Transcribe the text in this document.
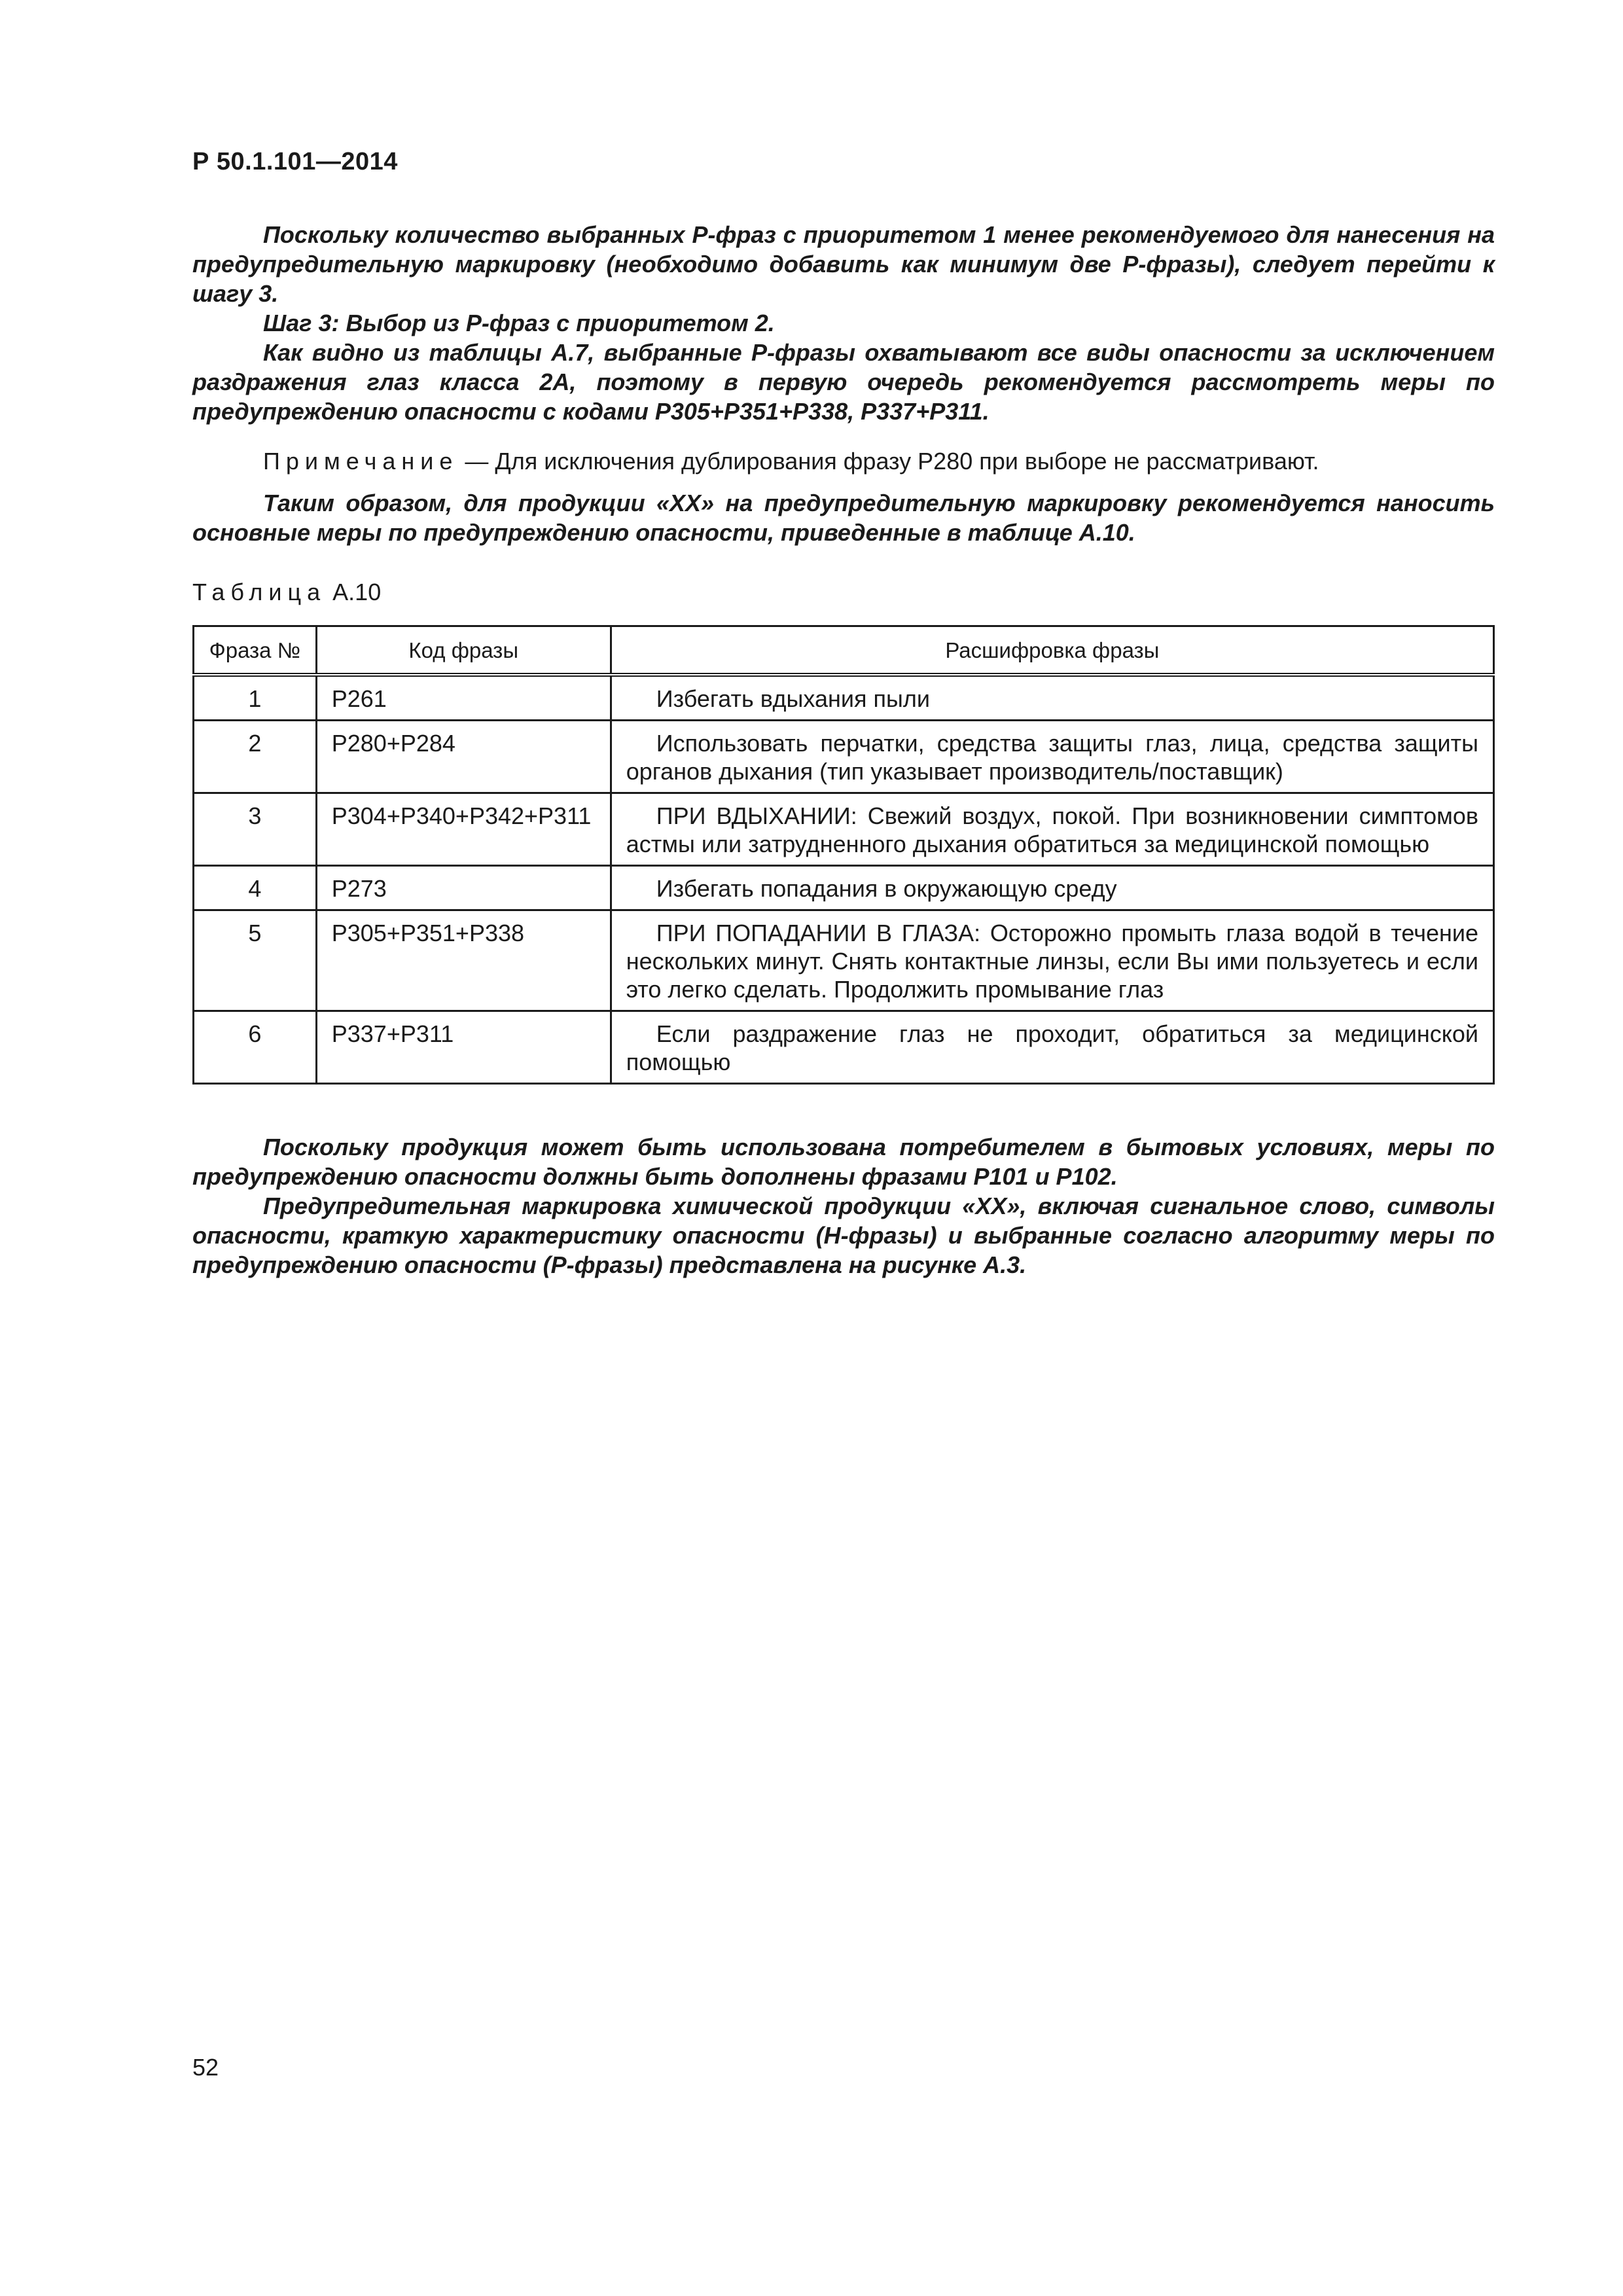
Р 50.1.101—2014

Поскольку количество выбранных Р-фраз с приоритетом 1 менее рекомендуемого для нанесения на предупредительную маркировку (необходимо добавить как минимум две Р-фразы), следует перейти к шагу 3.

Шаг 3: Выбор из Р-фраз с приоритетом 2.

Как видно из таблицы А.7, выбранные Р-фразы охватывают все виды опасности за исключением раздражения глаз класса 2А, поэтому в первую очередь рекомендуется рассмотреть меры по предупреждению опасности с кодами Р305+Р351+Р338, Р337+Р311.

Примечание — Для исключения дублирования фразу Р280 при выборе не рассматривают.

Таким образом, для продукции «ХХ» на предупредительную маркировку рекомендуется наносить основные меры по предупреждению опасности, приведенные в таблице А.10.

Таблица А.10
Фраза №	Код фразы	Расшифровка фразы
1	Р261	Избегать вдыхания пыли
2	Р280+Р284	Использовать перчатки, средства защиты глаз, лица, средства защиты органов дыхания (тип указывает производитель/поставщик)
3	Р304+Р340+Р342+Р311	ПРИ ВДЫХАНИИ: Свежий воздух, покой. При возникновении симптомов астмы или затрудненного дыхания обратиться за медицинской помощью
4	Р273	Избегать попадания в окружающую среду
5	Р305+Р351+Р338	ПРИ ПОПАДАНИИ В ГЛАЗА: Осторожно промыть глаза водой в течение нескольких минут. Снять контактные линзы, если Вы ими пользуетесь и если это легко сделать. Продолжить промывание глаз
6	Р337+Р311	Если раздражение глаз не проходит, обратиться за медицинской помощью

Поскольку продукция может быть использована потребителем в бытовых условиях, меры по предупреждению опасности должны быть дополнены фразами Р101 и Р102.

Предупредительная маркировка химической продукции «ХХ», включая сигнальное слово, символы опасности, краткую характеристику опасности (Н-фразы) и выбранные согласно алгоритму меры по предупреждению опасности (Р-фразы) представлена на рисунке А.3.

52
